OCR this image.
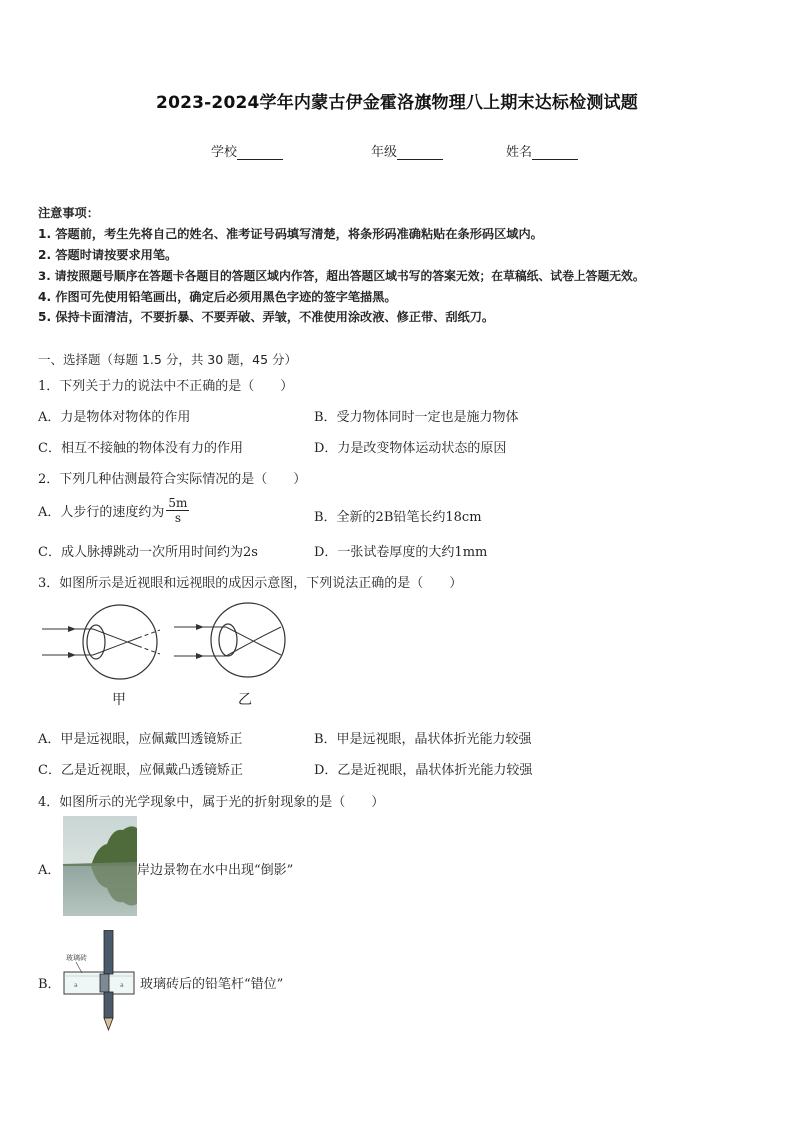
2023-2024学年内蒙古伊金霍洛旗物理八上期末达标检测试题
学校	年级	姓名
注意事项：
1. 答题前，考生先将自己的姓名、准考证号码填写清楚，将条形码准确粘贴在条形码区域内。
2. 答题时请按要求用笔。
3. 请按照题号顺序在答题卡各题目的答题区域内作答，超出答题区域书写的答案无效；在草稿纸、试卷上答题无效。
4. 作图可先使用铅笔画出，确定后必须用黑色字迹的签字笔描黑。
5. 保持卡面清洁，不要折暴、不要弄破、弄皱，不准使用涂改液、修正带、刮纸刀。
一、选择题（每题 1.5 分，共 30 题，45 分）
1．下列关于力的说法中不正确的是（　　）
A．力是物体对物体的作用	B．受力物体同时一定也是施力物体
C．相互不接触的物体没有力的作用	D．力是改变物体运动状态的原因
2．下列几种估测最符合实际情况的是（　　）
A．人步行的速度约为 $\frac{5m}{s}$	B．全新的2B铅笔长约18cm
C．成人脉搏跳动一次所用时间约为2s	D．一张试卷厚度的大约1mm
3．如图所示是近视眼和远视眼的成因示意图，下列说法正确的是（　　）
甲	乙
A．甲是远视眼，应佩戴凹透镜矫正	B．甲是远视眼，晶状体折光能力较强
C．乙是近视眼，应佩戴凸透镜矫正	D．乙是近视眼，晶状体折光能力较强
4．如图所示的光学现象中，属于光的折射现象的是（　　）
A．	岸边景物在水中出现“倒影”
B．
玻璃砖
a	a 玻璃砖后的铅笔杆“错位”
